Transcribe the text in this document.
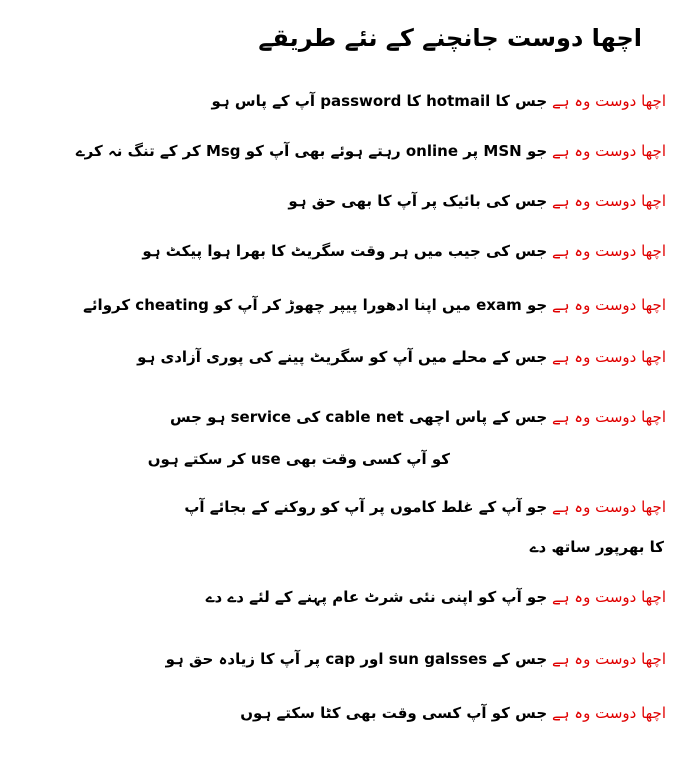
اچھا دوست جانچنے کے نئے طریقے
اچھا دوست وہ ہے جس کا hotmail کا password آپ کے پاس ہو
اچھا دوست وہ ہے جو MSN پر online رہتے ہوئے بھی آپ کو Msg کر کے تنگ نہ کرے
اچھا دوست وہ ہے جس کی بائیک پر آپ کا بھی حق ہو
اچھا دوست وہ ہے جس کی جیب میں ہر وقت سگریٹ کا بھرا ہوا پیکٹ ہو
اچھا دوست وہ ہے جو exam میں اپنا ادھورا پیپر چھوڑ کر آپ کو cheating کروائے
اچھا دوست وہ ہے جس کے محلے میں آپ کو سگریٹ پینے کی پوری آزادی ہو
اچھا دوست وہ ہے جس کے پاس اچھی cable net کی service ہو جس
کو آپ کسی وقت بھی use کر سکتے ہوں
اچھا دوست وہ ہے جو آپ کے غلط کاموں پر آپ کو روکنے کے بجائے آپ
کا بھرپور ساتھ دے
اچھا دوست وہ ہے جو آپ کو اپنی نئی شرٹ عام پہنے کے لئے دے دے
اچھا دوست وہ ہے جس کے sun galsses اور cap پر آپ کا زیادہ حق ہو
اچھا دوست وہ ہے جس کو آپ کسی وقت بھی کٹا سکتے ہوں
